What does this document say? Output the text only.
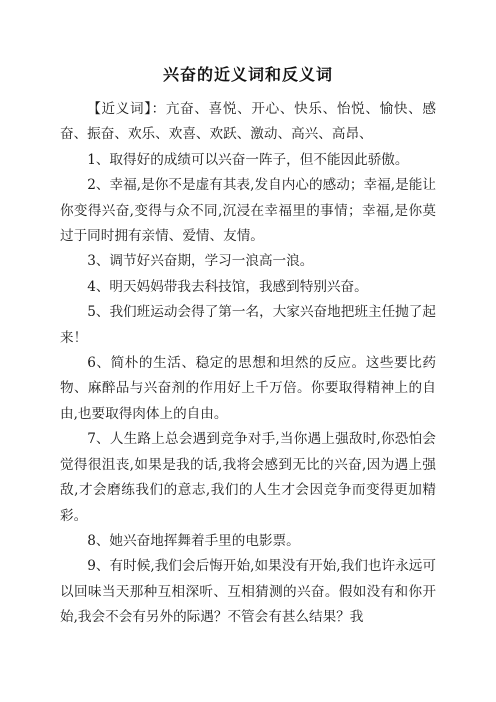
兴奋的近义词和反义词

【近义词】：亢奋、喜悦、开心、快乐、怡悦、愉快、感奋、振奋、欢乐、欢喜、欢跃、激动、高兴、高昂、

1、取得好的成绩可以兴奋一阵子，但不能因此骄傲。

2、幸福,是你不是虚有其表,发自内心的感动；幸福,是能让你变得兴奋,变得与众不同,沉浸在幸福里的事情；幸福,是你莫过于同时拥有亲情、爱情、友情。

3、调节好兴奋期，学习一浪高一浪。

4、明天妈妈带我去科技馆，我感到特别兴奋。

5、我们班运动会得了第一名，大家兴奋地把班主任抛了起来！

6、简朴的生活、稳定的思想和坦然的反应。这些要比药物、麻醉品与兴奋剂的作用好上千万倍。你要取得精神上的自由,也要取得肉体上的自由。

7、人生路上总会遇到竞争对手,当你遇上强敌时,你恐怕会觉得很沮丧,如果是我的话,我将会感到无比的兴奋,因为遇上强敌,才会磨练我们的意志,我们的人生才会因竞争而变得更加精彩。

8、她兴奋地挥舞着手里的电影票。

9、有时候,我们会后悔开始,如果没有开始,我们也许永远可以回味当天那种互相深听、互相猜测的兴奋。假如没有和你开始,我会不会有另外的际遇？不管会有甚么结果？我
